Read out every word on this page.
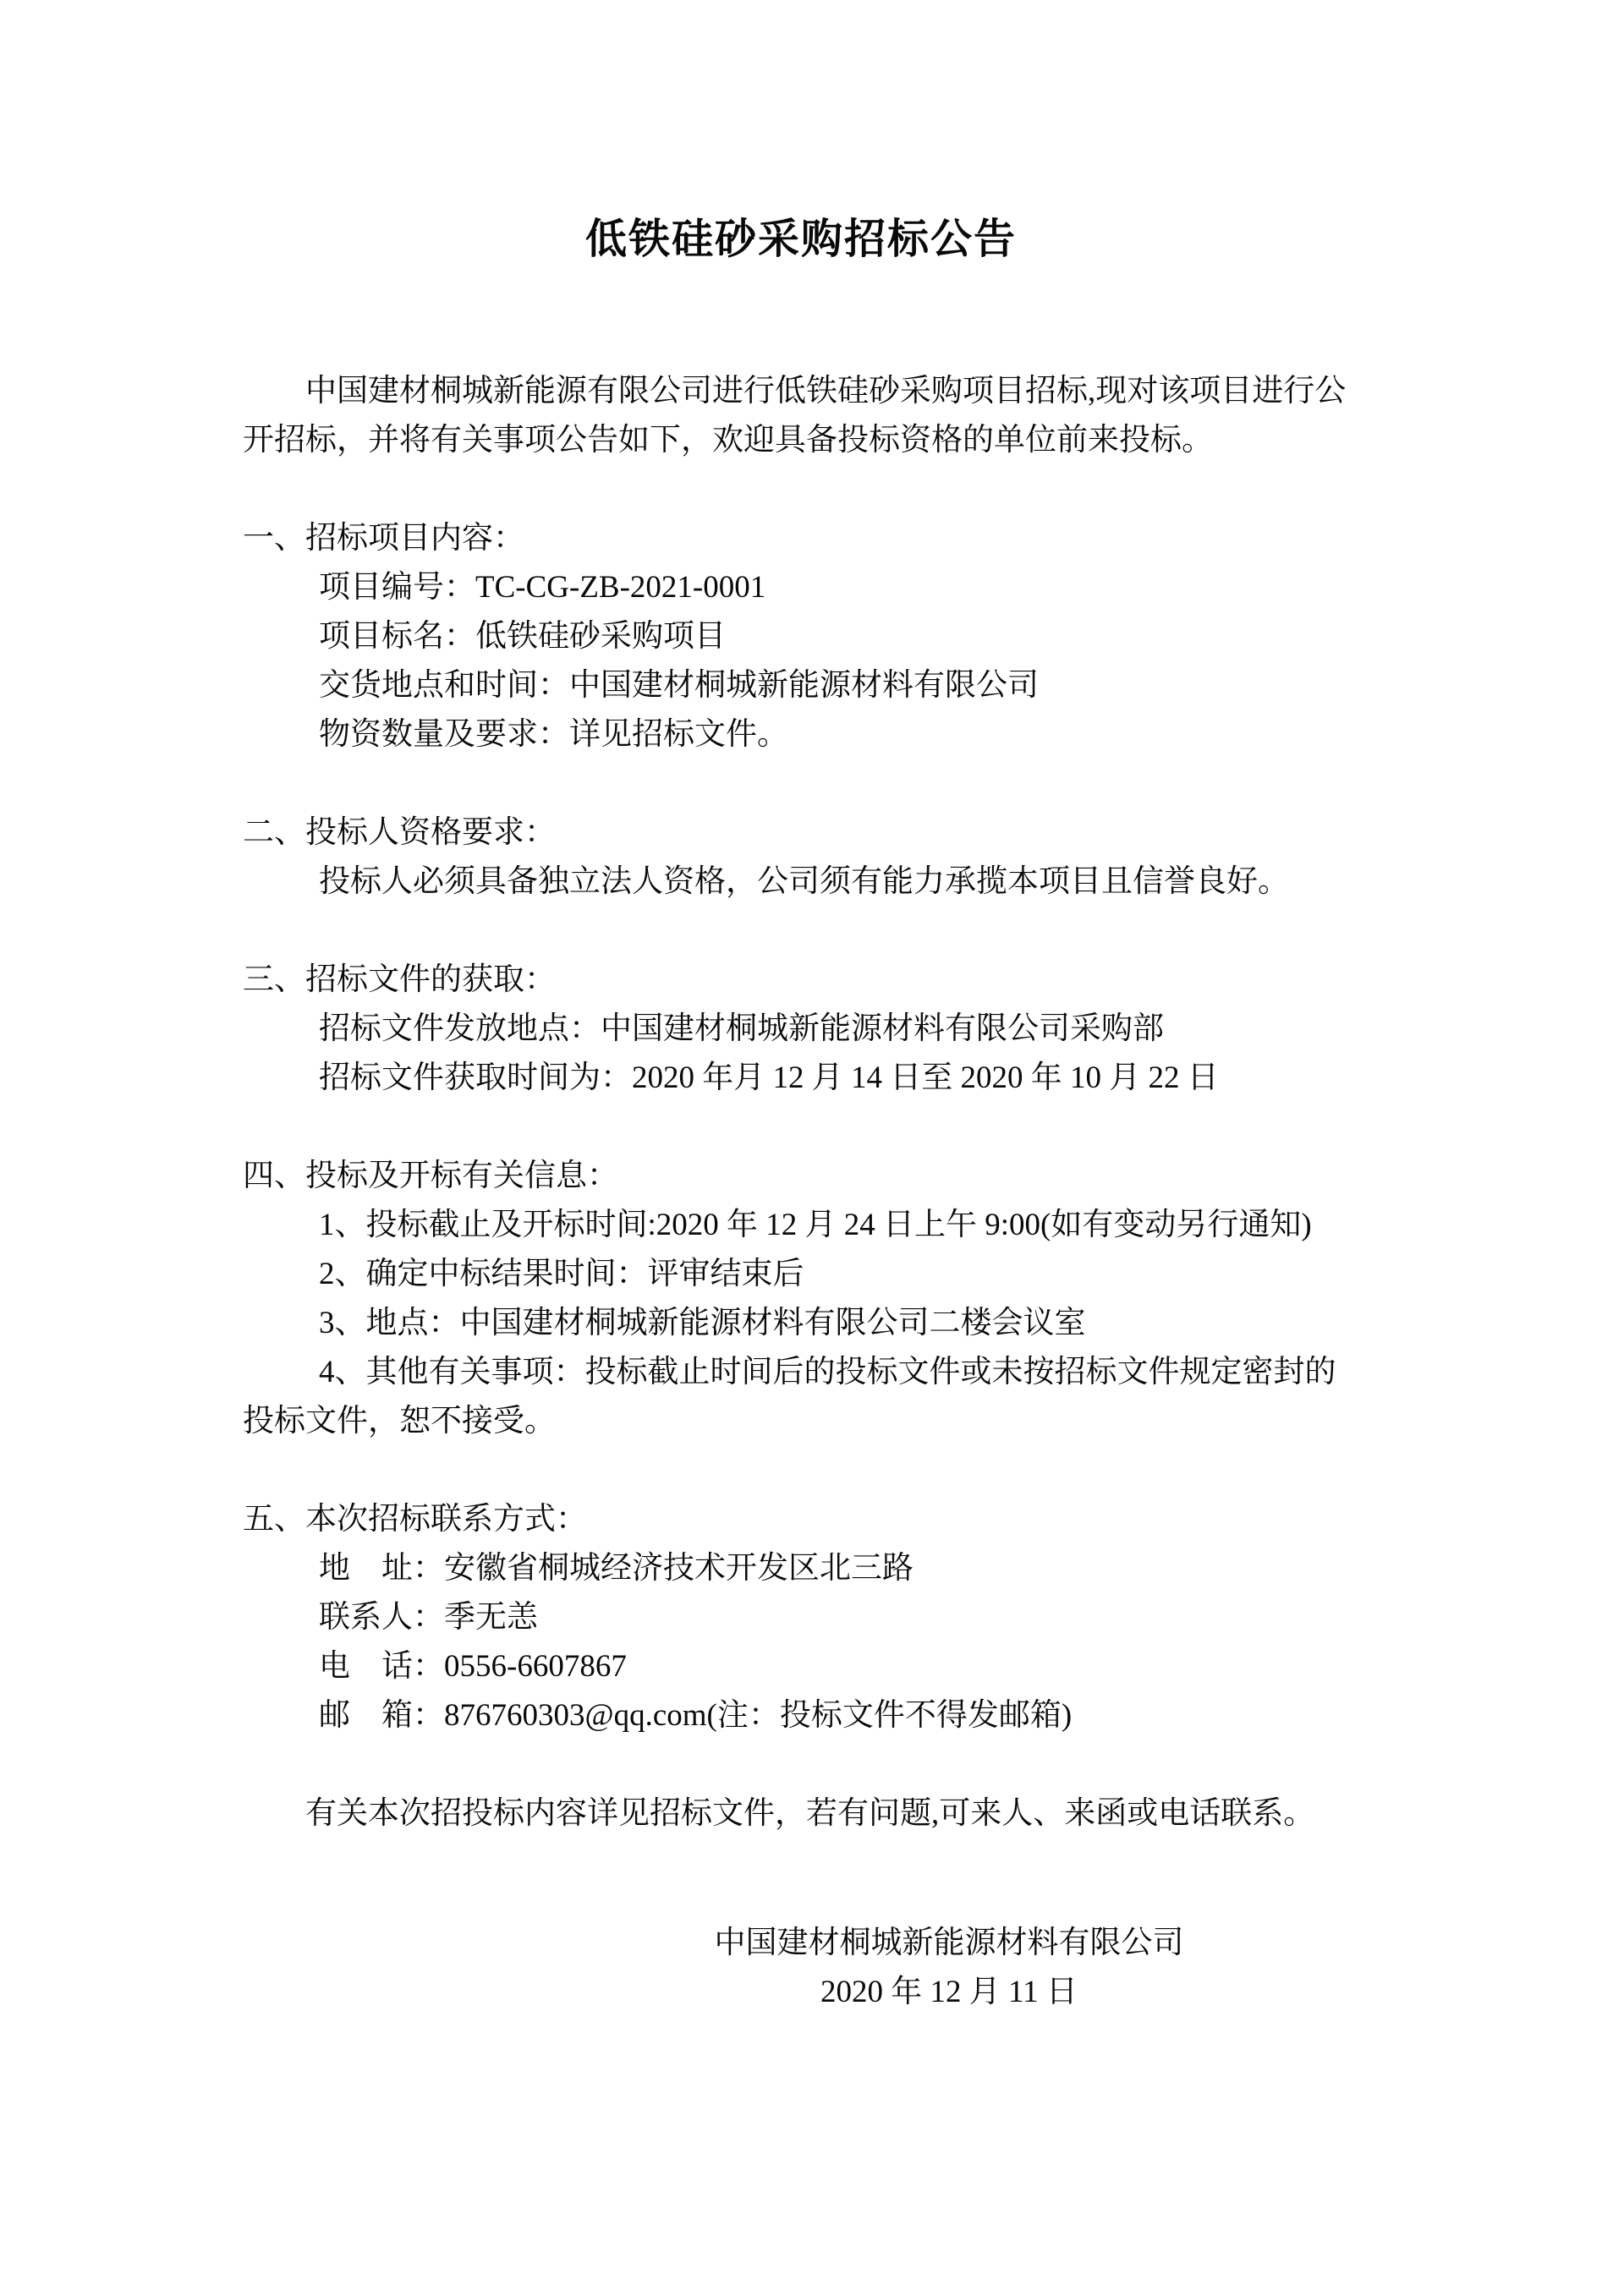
低铁硅砂采购招标公告

中国建材桐城新能源有限公司进行低铁硅砂采购项目招标,现对该项目进行公开招标，并将有关事项公告如下，欢迎具备投标资格的单位前来投标。

一、招标项目内容：

项目编号：TC-CG-ZB-2021-0001

项目标名：低铁硅砂采购项目

交货地点和时间：中国建材桐城新能源材料有限公司

物资数量及要求：详见招标文件。

二、投标人资格要求：

投标人必须具备独立法人资格，公司须有能力承揽本项目且信誉良好。

三、招标文件的获取：

招标文件发放地点：中国建材桐城新能源材料有限公司采购部

招标文件获取时间为：2020 年月 12 月 14 日至 2020 年 10 月 22 日

四、投标及开标有关信息：

1、投标截止及开标时间:2020 年 12 月 24 日上午 9:00(如有变动另行通知)

2、确定中标结果时间：评审结束后

3、地点：中国建材桐城新能源材料有限公司二楼会议室

4、其他有关事项：投标截止时间后的投标文件或未按招标文件规定密封的投标文件，恕不接受。

五、本次招标联系方式：

地　址：安徽省桐城经济技术开发区北三路

联系人：季无恙

电　话：0556-6607867

邮　箱：876760303@qq.com(注：投标文件不得发邮箱)

有关本次招投标内容详见招标文件，若有问题,可来人、来函或电话联系。

中国建材桐城新能源材料有限公司

2020 年 12 月 11 日
